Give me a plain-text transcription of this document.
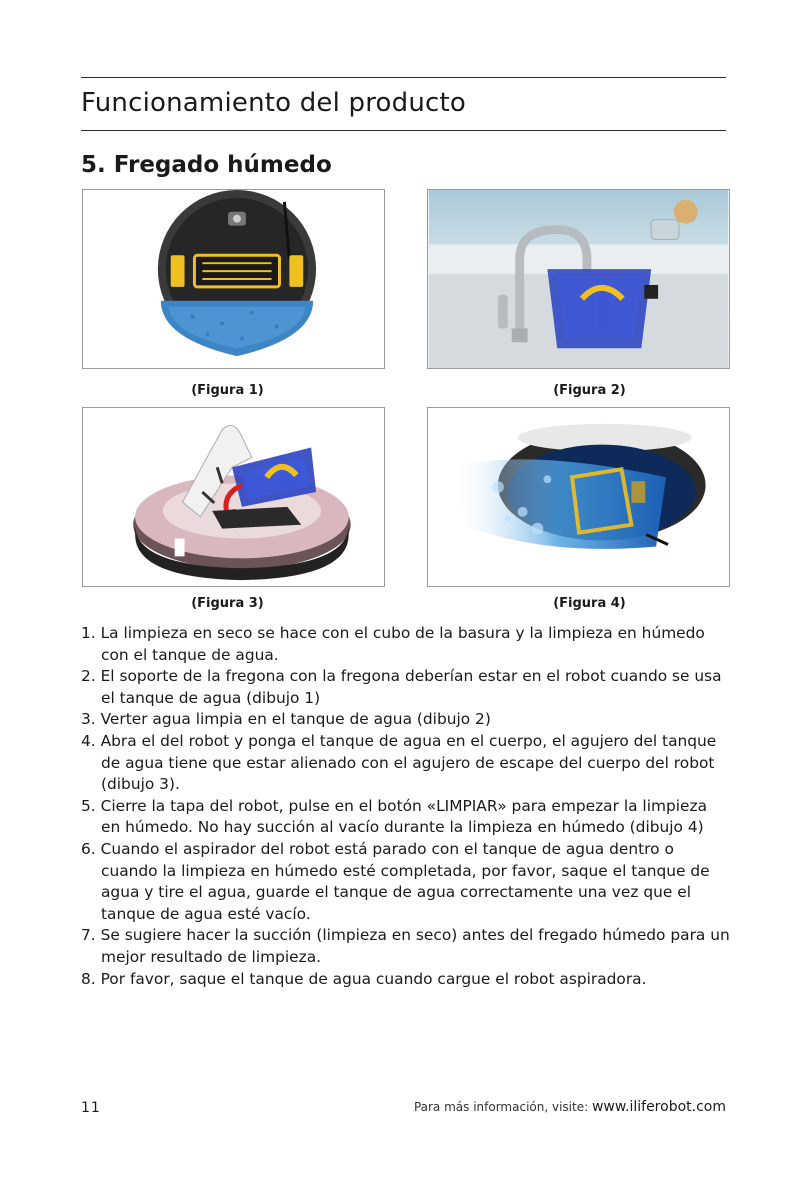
Funcionamiento del producto
5. Fregado húmedo
(Figura 1)	(Figura 2)
(Figura 3)	(Figura 4)
1. La limpieza en seco se hace con el cubo de la basura y la limpieza en húmedo con el tanque de agua.
2. El soporte de la fregona con la fregona deberían estar en el robot cuando se usa el tanque de agua (dibujo 1)
3. Verter agua limpia en el tanque de agua (dibujo 2)
4. Abra el del robot y ponga el tanque de agua en el cuerpo, el agujero del tanque de agua tiene que estar alienado con el agujero de escape del cuerpo del robot (dibujo 3).
5. Cierre la tapa del robot, pulse en el botón «LIMPIAR» para empezar la limpieza en húmedo. No hay succión al vacío durante la limpieza en húmedo (dibujo 4)
6. Cuando el aspirador del robot está parado con el tanque de agua dentro o cuando la limpieza en húmedo esté completada, por favor, saque el tanque de agua y tire el agua, guarde el tanque de agua correctamente una vez que el tanque de agua esté vacío.
7. Se sugiere hacer la succión (limpieza en seco) antes del fregado húmedo para un mejor resultado de limpieza.
8. Por favor, saque el tanque de agua cuando cargue el robot aspiradora.
11	Para más información, visite: www.iliferobot.com
